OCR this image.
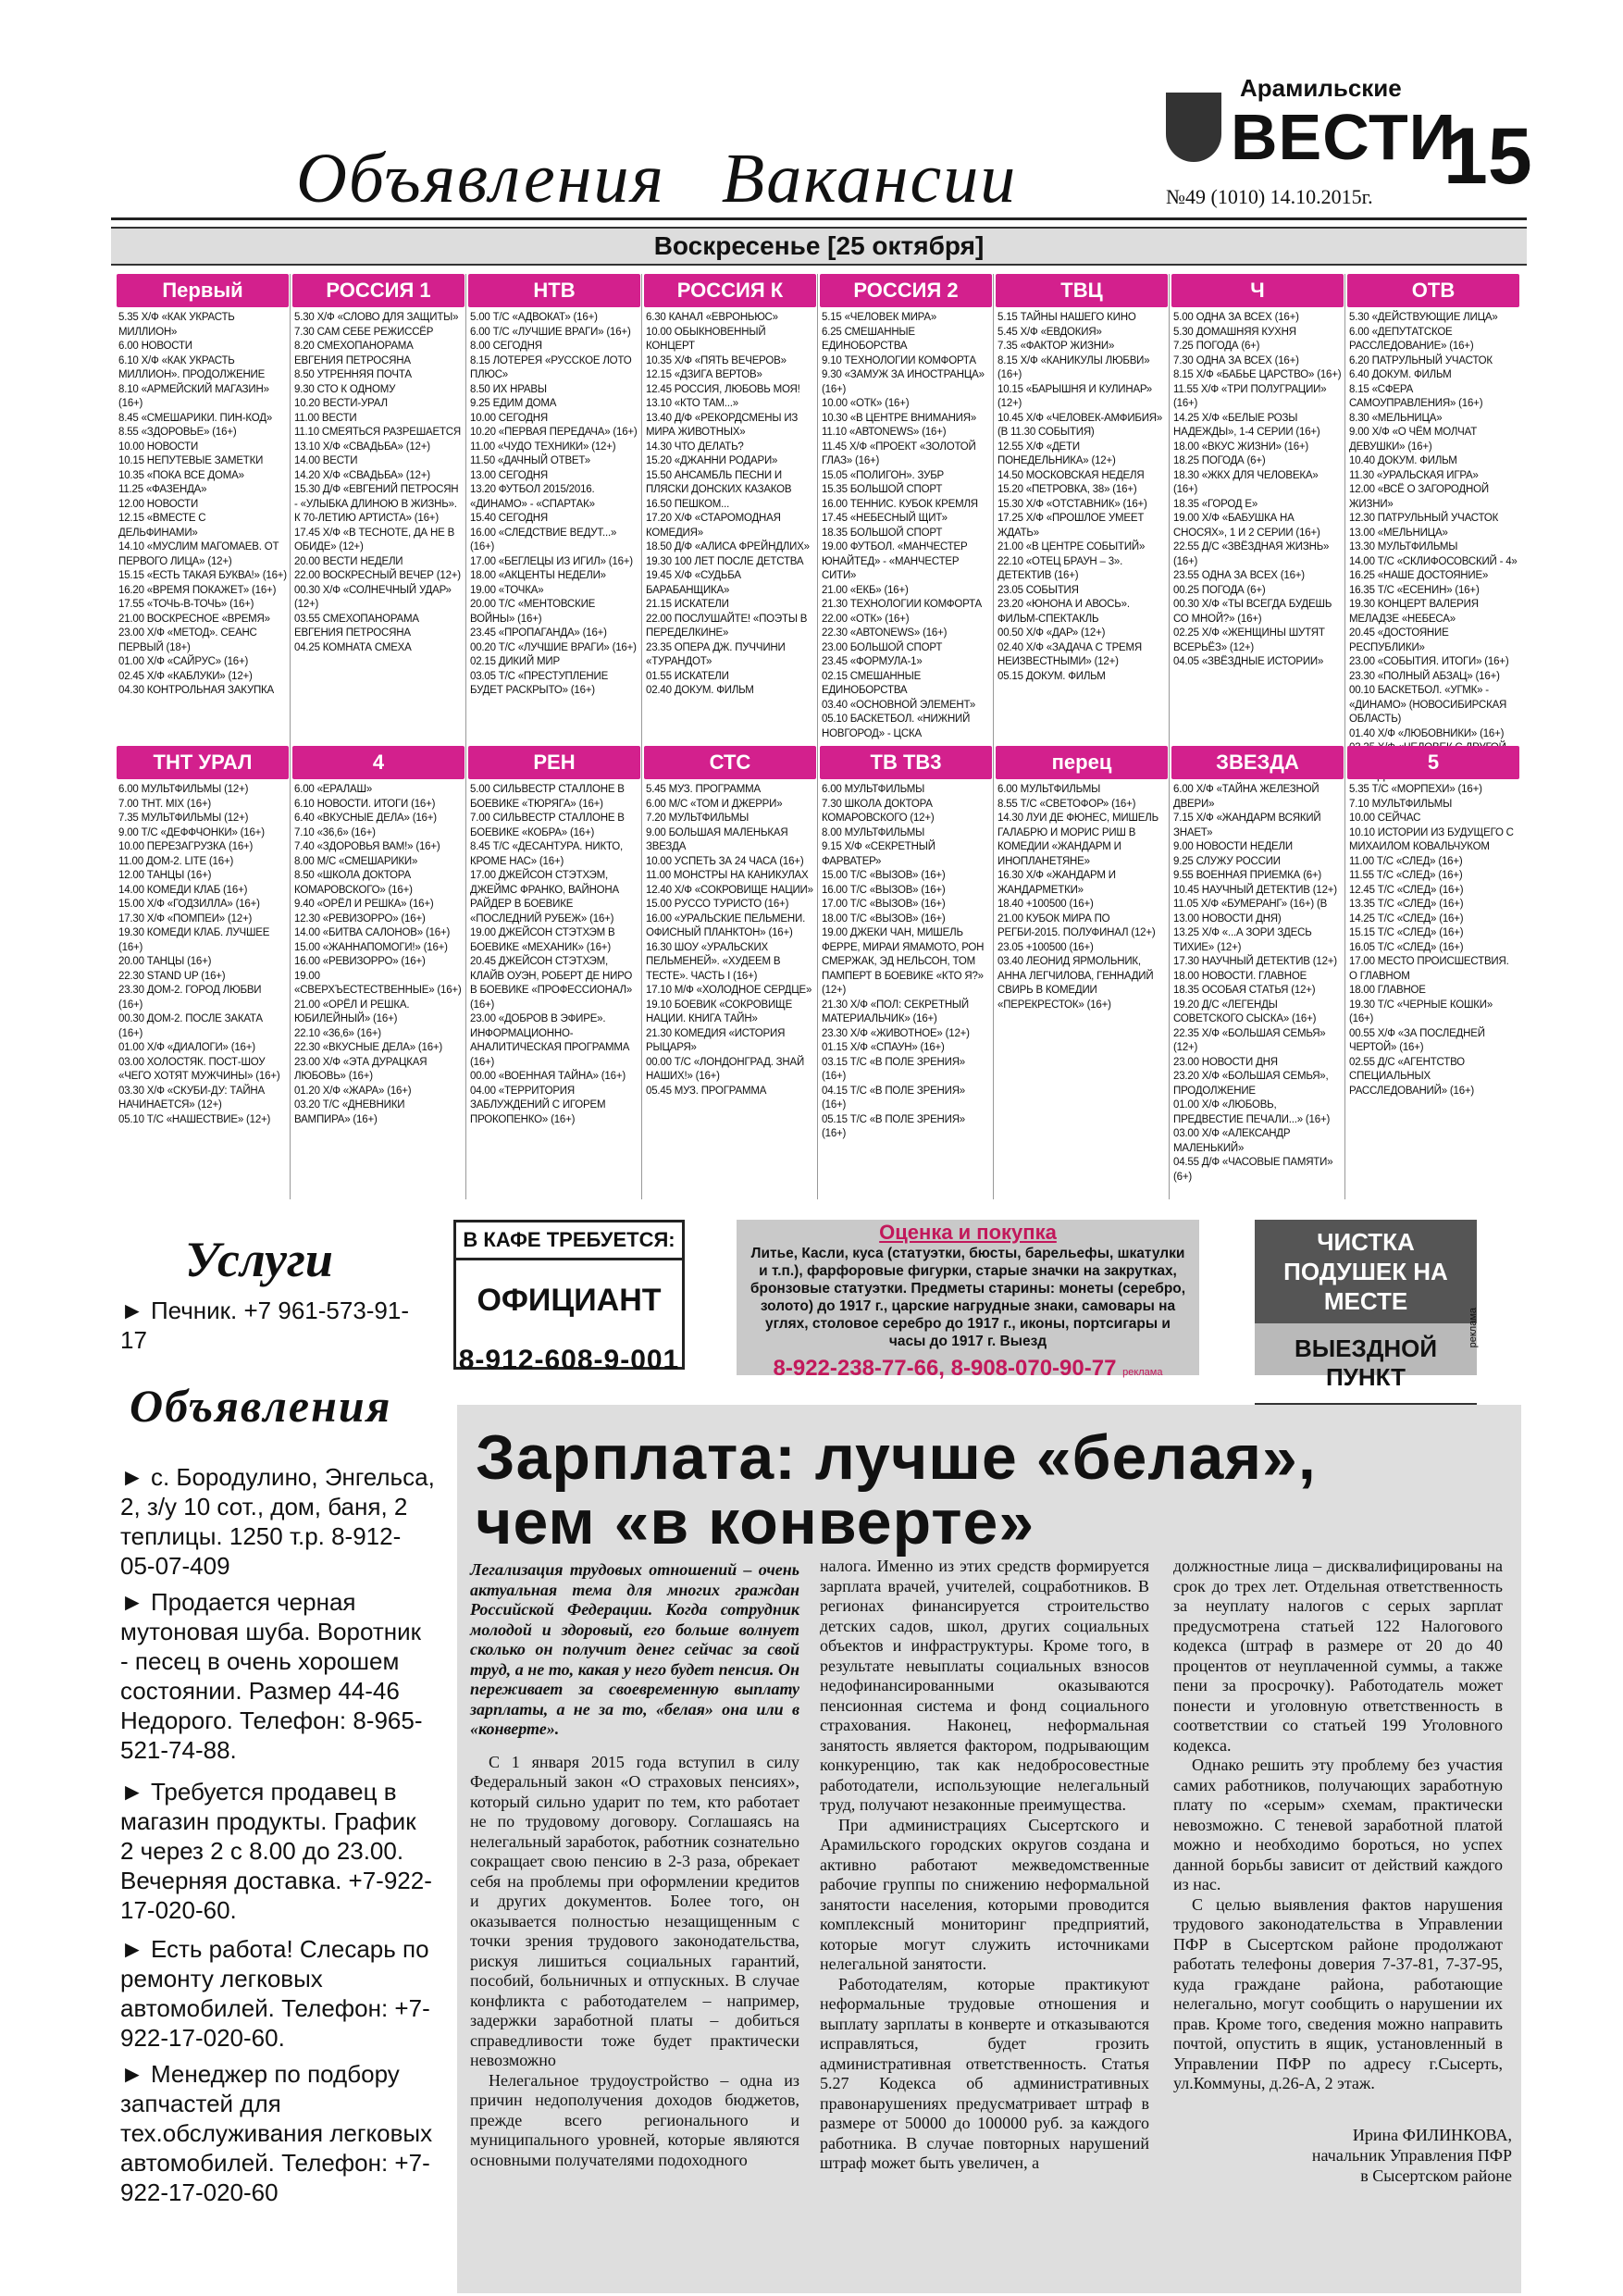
Объявления Вакансии
Арамильские
ВЕСТИ
№49 (1010) 14.10.2015г. 15
Воскресенье [25 октября]
Первый
5.35 Х/Ф «КАК УКРАСТЬ МИЛЛИОН»
6.00 НОВОСТИ
6.10 Х/Ф «КАК УКРАСТЬ МИЛЛИОН». ПРОДОЛЖЕНИЕ
8.10 «АРМЕЙСКИЙ МАГАЗИН» (16+)
8.45 «СМЕШАРИКИ. ПИН-КОД»
8.55 «ЗДОРОВЬЕ» (16+)
10.00 НОВОСТИ
10.15 НЕПУТЕВЫЕ ЗАМЕТКИ
10.35 «ПОКА ВСЕ ДОМА»
11.25 «ФАЗЕНДА»
12.00 НОВОСТИ
12.15 «ВМЕСТЕ С ДЕЛЬФИНАМИ»
14.10 «МУСЛИМ МАГОМАЕВ. ОТ ПЕРВОГО ЛИЦА» (12+)
15.15 «ЕСТЬ ТАКАЯ БУКВА!» (16+)
16.20 «ВРЕМЯ ПОКАЖЕТ» (16+)
17.55 «ТОЧЬ-В-ТОЧЬ» (16+)
21.00 ВОСКРЕСНОЕ «ВРЕМЯ»
23.00 Х/Ф «МЕТОД». СЕАНС ПЕРВЫЙ (18+)
01.00 Х/Ф «САЙРУС» (16+)
02.45 Х/Ф «КАБЛУКИ» (12+)
04.30 КОНТРОЛЬНАЯ ЗАКУПКА
РОССИЯ 1
5.30 Х/Ф «СЛОВО ДЛЯ ЗАЩИТЫ»
7.30 САМ СЕБЕ РЕЖИССЁР
8.20 СМЕХОПАНОРАМА ЕВГЕНИЯ ПЕТРОСЯНА
8.50 УТРЕННЯЯ ПОЧТА
9.30 СТО К ОДНОМУ
10.20 ВЕСТИ-УРАЛ
11.00 ВЕСТИ
11.10 СМЕЯТЬСЯ РАЗРЕШАЕТСЯ
13.10 Х/Ф «СВАДЬБА» (12+)
14.00 ВЕСТИ
14.20 Х/Ф «СВАДЬБА» (12+)
15.30 Д/Ф «ЕВГЕНИЙ ПЕТРОСЯН - «УЛЫБКА ДЛИНОЮ В ЖИЗНЬ». К 70-ЛЕТИЮ АРТИСТА» (16+)
17.45 Х/Ф «В ТЕСНОТЕ, ДА НЕ В ОБИДЕ» (12+)
20.00 ВЕСТИ НЕДЕЛИ
22.00 ВОСКРЕСНЫЙ ВЕЧЕР (12+)
00.30 Х/Ф «СОЛНЕЧНЫЙ УДАР» (12+)
03.55 СМЕХОПАНОРАМА ЕВГЕНИЯ ПЕТРОСЯНА
04.25 КОМНАТА СМЕХА
НТВ
5.00 Т/С «АДВОКАТ» (16+)
6.00 Т/С «ЛУЧШИЕ ВРАГИ» (16+)
8.00 СЕГОДНЯ
8.15 ЛОТЕРЕЯ «РУССКОЕ ЛОТО ПЛЮС»
8.50 ИХ НРАВЫ
9.25 ЕДИМ ДОМА
10.00 СЕГОДНЯ
10.20 «ПЕРВАЯ ПЕРЕДАЧА» (16+)
11.00 «ЧУДО ТЕХНИКИ» (12+)
11.50 «ДАЧНЫЙ ОТВЕТ»
13.00 СЕГОДНЯ
13.20 ФУТБОЛ 2015/2016. «ДИНАМО» - «СПАРТАК»
15.40 СЕГОДНЯ
16.00 «СЛЕДСТВИЕ ВЕДУТ...» (16+)
17.00 «БЕГЛЕЦЫ ИЗ ИГИЛ» (16+)
18.00 «АКЦЕНТЫ НЕДЕЛИ»
19.00 «ТОЧКА»
20.00 Т/С «МЕНТОВСКИЕ ВОЙНЫ» (16+)
23.45 «ПРОПАГАНДА» (16+)
00.20 Т/С «ЛУЧШИЕ ВРАГИ» (16+)
02.15 ДИКИЙ МИР
03.05 Т/С «ПРЕСТУПЛЕНИЕ БУДЕТ РАСКРЫТО» (16+)
РОССИЯ К
6.30 КАНАЛ «ЕВРОНЬЮС»
10.00 ОБЫКНОВЕННЫЙ КОНЦЕРТ
10.35 Х/Ф «ПЯТЬ ВЕЧЕРОВ»
12.15 «ДЗИГА ВЕРТОВ»
12.45 РОССИЯ, ЛЮБОВЬ МОЯ!
13.10 «КТО ТАМ...»
13.40 Д/Ф «РЕКОРДСМЕНЫ ИЗ МИРА ЖИВОТНЫХ»
14.30 ЧТО ДЕЛАТЬ?
15.20 «ДЖАННИ РОДАРИ»
15.50 АНСАМБЛЬ ПЕСНИ И ПЛЯСКИ ДОНСКИХ КАЗАКОВ
16.50 ПЕШКОМ...
17.20 Х/Ф «СТАРОМОДНАЯ КОМЕДИЯ»
18.50 Д/Ф «АЛИСА ФРЕЙНДЛИХ»
19.30 100 ЛЕТ ПОСЛЕ ДЕТСТВА
19.45 Х/Ф «СУДЬБА БАРАБАНЩИКА»
21.15 ИСКАТЕЛИ
22.00 ПОСЛУШАЙТЕ! «ПОЭТЫ В ПЕРЕДЕЛКИНЕ»
23.35 ОПЕРА ДЖ. ПУЧЧИНИ «ТУРАНДОТ»
01.55 ИСКАТЕЛИ
02.40 ДОКУМ. ФИЛЬМ
РОССИЯ 2
5.15 «ЧЕЛОВЕК МИРА»
6.25 СМЕШАННЫЕ ЕДИНОБОРСТВА
9.10 ТЕХНОЛОГИИ КОМФОРТА
9.30 «ЗАМУЖ ЗА ИНОСТРАНЦА» (16+)
10.00 «ОТК» (16+)
10.30 «В ЦЕНТРЕ ВНИМАНИЯ»
11.10 «АВТОNEWS» (16+)
11.45 Х/Ф «ПРОЕКТ «ЗОЛОТОЙ ГЛАЗ» (16+)
15.05 «ПОЛИГОН». ЗУБР
15.35 БОЛЬШОЙ СПОРТ
16.00 ТЕННИС. КУБОК КРЕМЛЯ
17.45 «НЕБЕСНЫЙ ЩИТ»
18.35 БОЛЬШОЙ СПОРТ
19.00 ФУТБОЛ. «МАНЧЕСТЕР ЮНАЙТЕД» - «МАНЧЕСТЕР СИТИ»
21.00 «ЕКБ» (16+)
21.30 ТЕХНОЛОГИИ КОМФОРТА
22.00 «ОТК» (16+)
22.30 «АВТОNEWS» (16+)
23.00 БОЛЬШОЙ СПОРТ
23.45 «ФОРМУЛА-1»
02.15 СМЕШАННЫЕ ЕДИНОБОРСТВА
03.40 «ОСНОВНОЙ ЭЛЕМЕНТ»
05.10 БАСКЕТБОЛ. «НИЖНИЙ НОВГОРОД» - ЦСКА
ТВЦ
5.15 ТАЙНЫ НАШЕГО КИНО
5.45 Х/Ф «ЕВДОКИЯ»
7.35 «ФАКТОР ЖИЗНИ»
8.15 Х/Ф «КАНИКУЛЫ ЛЮБВИ» (16+)
10.15 «БАРЫШНЯ И КУЛИНАР» (12+)
10.45 Х/Ф «ЧЕЛОВЕК-АМФИБИЯ» (В 11.30 СОБЫТИЯ)
12.55 Х/Ф «ДЕТИ ПОНЕДЕЛЬНИКА» (12+)
14.50 МОСКОВСКАЯ НЕДЕЛЯ
15.20 «ПЕТРОВКА, 38» (16+)
15.30 Х/Ф «ОТСТАВНИК» (16+)
17.25 Х/Ф «ПРОШЛОЕ УМЕЕТ ЖДАТЬ»
21.00 «В ЦЕНТРЕ СОБЫТИЙ»
22.10 «ОТЕЦ БРАУН – 3». ДЕТЕКТИВ (16+)
23.05 СОБЫТИЯ
23.20 «ЮНОНА И АВОСЬ». ФИЛЬМ-СПЕКТАКЛЬ
00.50 Х/Ф «ДАР» (12+)
02.40 Х/Ф «ЗАДАЧА С ТРЕМЯ НЕИЗВЕСТНЫМИ» (12+)
05.15 ДОКУМ. ФИЛЬМ
Ч
5.00 ОДНА ЗА ВСЕХ (16+)
5.30 ДОМАШНЯЯ КУХНЯ
7.25 ПОГОДА (6+)
7.30 ОДНА ЗА ВСЕХ (16+)
8.15 Х/Ф «БАБЬЕ ЦАРСТВО» (16+)
11.55 Х/Ф «ТРИ ПОЛУГРАЦИИ» (16+)
14.25 Х/Ф «БЕЛЫЕ РОЗЫ НАДЕЖДЫ», 1-4 СЕРИИ (16+)
18.00 «ВКУС ЖИЗНИ» (16+)
18.25 ПОГОДА (6+)
18.30 «ЖКХ ДЛЯ ЧЕЛОВЕКА» (16+)
18.35 «ГОРОД Е»
19.00 Х/Ф «БАБУШКА НА СНОСЯХ», 1 И 2 СЕРИИ (16+)
22.55 Д/С «ЗВЁЗДНАЯ ЖИЗНЬ» (16+)
23.55 ОДНА ЗА ВСЕХ (16+)
00.25 ПОГОДА (6+)
00.30 Х/Ф «ТЫ ВСЕГДА БУДЕШЬ СО МНОЙ?» (16+)
02.25 Х/Ф «ЖЕНЩИНЫ ШУТЯТ ВСЕРЬЁЗ» (12+)
04.05 «ЗВЁЗДНЫЕ ИСТОРИИ»
ОТВ
5.30 «ДЕЙСТВУЮЩИЕ ЛИЦА»
6.00 «ДЕПУТАТСКОЕ РАССЛЕДОВАНИЕ» (16+)
6.20 ПАТРУЛЬНЫЙ УЧАСТОК
6.40 ДОКУМ. ФИЛЬМ
8.15 «СФЕРА САМОУПРАВЛЕНИЯ» (16+)
8.30 «МЕЛЬНИЦА»
9.00 Х/Ф «О ЧЁМ МОЛЧАТ ДЕВУШКИ» (16+)
10.40 ДОКУМ. ФИЛЬМ
11.30 «УРАЛЬСКАЯ ИГРА»
12.00 «ВСЁ О ЗАГОРОДНОЙ ЖИЗНИ»
12.30 ПАТРУЛЬНЫЙ УЧАСТОК
13.00 «МЕЛЬНИЦА»
13.30 МУЛЬТФИЛЬМЫ
14.00 Т/С «СКЛИФОСОВСКИЙ - 4»
16.25 «НАШЕ ДОСТОЯНИЕ»
16.35 Т/С «ЕСЕНИН» (16+)
19.30 КОНЦЕРТ ВАЛЕРИЯ МЕЛАДЗЕ «НЕБЕСА»
20.45 «ДОСТОЯНИЕ РЕСПУБЛИКИ»
23.00 «СОБЫТИЯ. ИТОГИ» (16+)
23.30 «ПОЛНЫЙ АБЗАЦ» (16+)
00.10 БАСКЕТБОЛ. «УГМК» - «ДИНАМО» (НОВОСИБИРСКАЯ ОБЛАСТЬ)
01.40 Х/Ф «ЛЮБОВНИКИ» (16+)
ТНТ УРАЛ
6.00 МУЛЬТФИЛЬМЫ (12+)
7.00 ТНТ. MIX (16+)
7.35 МУЛЬТФИЛЬМЫ (12+)
9.00 Т/С «ДЕФФЧОНКИ» (16+)
10.00 ПЕРЕЗАГРУЗКА (16+)
11.00 ДОМ-2. LITE (16+)
12.00 ТАНЦЫ (16+)
14.00 КОМЕДИ КЛАБ (16+)
15.00 Х/Ф «ГОДЗИЛЛА» (16+)
17.30 Х/Ф «ПОМПЕИ» (12+)
19.30 КОМЕДИ КЛАБ. ЛУЧШЕЕ (16+)
20.00 ТАНЦЫ (16+)
22.30 STAND UP (16+)
23.30 ДОМ-2. ГОРОД ЛЮБВИ (16+)
00.30 ДОМ-2. ПОСЛЕ ЗАКАТА (16+)
01.00 Х/Ф «ДИАЛОГИ» (16+)
03.00 ХОЛОСТЯК. ПОСТ-ШОУ «ЧЕГО ХОТЯТ МУЖЧИНЫ» (16+)
03.30 Х/Ф «СКУБИ-ДУ: ТАЙНА НАЧИНАЕТСЯ» (12+)
05.10 Т/С «НАШЕСТВИЕ» (12+)
4
6.00 «ЕРАЛАШ»
6.10 НОВОСТИ. ИТОГИ (16+)
6.40 «ВКУСНЫЕ ДЕЛА» (16+)
7.10 «36,6» (16+)
7.40 «ЗДОРОВЬЯ ВАМ!» (16+)
8.00 М/С «СМЕШАРИКИ»
8.50 «ШКОЛА ДОКТОРА КОМАРОВСКОГО» (16+)
9.40 «ОРЁЛ И РЕШКА» (16+)
12.30 «РЕВИЗОРРО» (16+)
14.00 «БИТВА САЛОНОВ» (16+)
15.00 «ЖАННАПОМОГИ!» (16+)
16.00 «РЕВИЗОРРО» (16+)
19.00 «СВЕРХЪЕСТЕСТВЕННЫЕ» (16+)
21.00 «ОРЁЛ И РЕШКА. ЮБИЛЕЙНЫЙ» (16+)
22.10 «36,6» (16+)
22.30 «ВКУСНЫЕ ДЕЛА» (16+)
23.00 Х/Ф «ЭТА ДУРАЦКАЯ ЛЮБОВЬ» (16+)
01.20 Х/Ф «ЖАРА» (16+)
03.20 Т/С «ДНЕВНИКИ ВАМПИРА» (16+)
РЕН
5.00 СИЛЬВЕСТР СТАЛЛОНЕ В БОЕВИКЕ «ТЮРЯГА» (16+)
7.00 СИЛЬВЕСТР СТАЛЛОНЕ В БОЕВИКЕ «КОБРА» (16+)
8.45 Т/С «ДЕСАНТУРА. НИКТО, КРОМЕ НАС» (16+)
17.00 ДЖЕЙСОН СТЭТХЭМ, ДЖЕЙМС ФРАНКО, ВАЙНОНА РАЙДЕР В БОЕВИКЕ «ПОСЛЕДНИЙ РУБЕЖ» (16+)
19.00 ДЖЕЙСОН СТЭТХЭМ В БОЕВИКЕ «МЕХАНИК» (16+)
20.45 ДЖЕЙСОН СТЭТХЭМ, КЛАЙВ ОУЭН, РОБЕРТ ДЕ НИРО В БОЕВИКЕ «ПРОФЕССИОНАЛ» (16+)
23.00 «ДОБРОВ В ЭФИРЕ». ИНФОРМАЦИОННО-АНАЛИТИЧЕСКАЯ ПРОГРАММА (16+)
00.00 «ВОЕННАЯ ТАЙНА» (16+)
04.00 «ТЕРРИТОРИЯ ЗАБЛУЖДЕНИЙ С ИГОРЕМ ПРОКОПЕНКО» (16+)
СТС
5.45 МУЗ. ПРОГРАММА
6.00 М/С «ТОМ И ДЖЕРРИ»
7.20 МУЛЬТФИЛЬМЫ
9.00 БОЛЬШАЯ МАЛЕНЬКАЯ ЗВЕЗДА
10.00 УСПЕТЬ ЗА 24 ЧАСА (16+)
11.00 МОНСТРЫ НА КАНИКУЛАХ
12.40 Х/Ф «СОКРОВИЩЕ НАЦИИ»
15.00 РУССО ТУРИСТО (16+)
16.00 «УРАЛЬСКИЕ ПЕЛЬМЕНИ. ОФИСНЫЙ ПЛАНКТОН» (16+)
16.30 ШОУ «УРАЛЬСКИХ ПЕЛЬМЕНЕЙ». «ХУДЕЕМ В ТЕСТЕ». ЧАСТЬ I (16+)
17.10 М/Ф «ХОЛОДНОЕ СЕРДЦЕ»
19.10 БОЕВИК «СОКРОВИЩЕ НАЦИИ. КНИГА ТАЙН»
21.30 КОМЕДИЯ «ИСТОРИЯ РЫЦАРЯ»
00.00 Т/С «ЛОНДОНГРАД. ЗНАЙ НАШИХ!» (16+)
05.45 МУЗ. ПРОГРАММА
ТВ ТВ3
6.00 МУЛЬТФИЛЬМЫ
7.30 ШКОЛА ДОКТОРА КОМАРОВСКОГО (12+)
8.00 МУЛЬТФИЛЬМЫ
9.15 Х/Ф «СЕКРЕТНЫЙ ФАРВАТЕР»
15.00 Т/С «ВЫЗОВ» (16+)
16.00 Т/С «ВЫЗОВ» (16+)
17.00 Т/С «ВЫЗОВ» (16+)
18.00 Т/С «ВЫЗОВ» (16+)
19.00 ДЖЕКИ ЧАН, МИШЕЛЬ ФЕРРЕ, МИРАИ ЯМАМОТО, РОН СМЕРЖАК, ЭД НЕЛЬСОН, ТОМ ПАМПЕРТ В БОЕВИКЕ «КТО Я?» (12+)
21.30 Х/Ф «ПОЛ: СЕКРЕТНЫЙ МАТЕРИАЛЬЧИК» (16+)
23.30 Х/Ф «ЖИВОТНОЕ» (12+)
01.15 Х/Ф «СПАУН» (16+)
03.15 Т/С «В ПОЛЕ ЗРЕНИЯ» (16+)
04.15 Т/С «В ПОЛЕ ЗРЕНИЯ» (16+)
05.15 Т/С «В ПОЛЕ ЗРЕНИЯ» (16+)
перец
6.00 МУЛЬТФИЛЬМЫ
8.55 Т/С «СВЕТОФОР» (16+)
14.30 ЛУИ ДЕ ФЮНЕС, МИШЕЛЬ ГАЛАБРЮ И МОРИС РИШ В КОМЕДИИ «ЖАНДАРМ И ИНОПЛАНЕТЯНЕ»
16.30 Х/Ф «ЖАНДАРМ И ЖАНДАРМЕТКИ»
18.40 +100500 (16+)
21.00 КУБОК МИРА ПО РЕГБИ-2015. ПОЛУФИНАЛ (12+)
23.05 +100500 (16+)
03.40 ЛЕОНИД ЯРМОЛЬНИК, АННА ЛЕГЧИЛОВА, ГЕННАДИЙ СВИРЬ В КОМЕДИИ «ПЕРЕКРЕСТОК» (16+)
ЗВЕЗДА
6.00 Х/Ф «ТАЙНА ЖЕЛЕЗНОЙ ДВЕРИ»
7.15 Х/Ф «ЖАНДАРМ ВСЯКИЙ ЗНАЕТ»
9.00 НОВОСТИ НЕДЕЛИ
9.25 СЛУЖУ РОССИИ
9.55 ВОЕННАЯ ПРИЕМКА (6+)
10.45 НАУЧНЫЙ ДЕТЕКТИВ (12+)
11.05 Х/Ф «БУМЕРАНГ» (16+) (В 13.00 НОВОСТИ ДНЯ)
13.25 Х/Ф «...А ЗОРИ ЗДЕСЬ ТИХИЕ» (12+)
17.30 НАУЧНЫЙ ДЕТЕКТИВ (12+)
18.00 НОВОСТИ. ГЛАВНОЕ
18.35 ОСОБАЯ СТАТЬЯ (12+)
19.20 Д/С «ЛЕГЕНДЫ СОВЕТСКОГО СЫСКА» (16+)
22.35 Х/Ф «БОЛЬШАЯ СЕМЬЯ» (12+)
23.00 НОВОСТИ ДНЯ
23.20 Х/Ф «БОЛЬШАЯ СЕМЬЯ», ПРОДОЛЖЕНИЕ
01.00 Х/Ф «ЛЮБОВЬ, ПРЕДВЕСТИЕ ПЕЧАЛИ...» (16+)
03.00 Х/Ф «АЛЕКСАНДР МАЛЕНЬКИЙ»
04.55 Д/Ф «ЧАСОВЫЕ ПАМЯТИ» (6+)
5
5.35 Т/С «МОРПЕХИ» (16+)
7.10 МУЛЬТФИЛЬМЫ
10.00 СЕЙЧАС
10.10 ИСТОРИИ ИЗ БУДУЩЕГО С МИХАИЛОМ КОВАЛЬЧУКОМ
11.00 Т/С «СЛЕД» (16+)
11.55 Т/С «СЛЕД» (16+)
12.45 Т/С «СЛЕД» (16+)
13.35 Т/С «СЛЕД» (16+)
14.25 Т/С «СЛЕД» (16+)
15.15 Т/С «СЛЕД» (16+)
16.05 Т/С «СЛЕД» (16+)
17.00 МЕСТО ПРОИСШЕСТВИЯ. О ГЛАВНОМ
18.00 ГЛАВНОЕ
19.30 Т/С «ЧЕРНЫЕ КОШКИ» (16+)
00.55 Х/Ф «ЗА ПОСЛЕДНЕЙ ЧЕРТОЙ» (16+)
02.55 Д/С «АГЕНТСТВО СПЕЦИАЛЬНЫХ РАССЛЕДОВАНИЙ» (16+)
Услуги
► Печник. +7 961-573-91-17
Объявления
► с. Бородулино, Энгельса, 2, з/у 10 сот., дом, баня, 2 теплицы. 1250 т.р. 8-912-05-07-409
► Продается черная мутоновая шуба. Воротник - песец в очень хорошем состоянии. Размер 44-46 Недорого. Телефон: 8-965-521-74-88.
► Требуется продавец в магазин продукты. График 2 через 2 с 8.00 до 23.00. Вечерняя доставка. +7-922-17-020-60.
► Есть работа! Слесарь по ремонту легковых автомобилей. Телефон: +7-922-17-020-60.
► Менеджер по подбору запчастей для тех.обслуживания легковых автомобилей. Телефон: +7-922-17-020-60
В КАФЕ ТРЕБУЕТСЯ:
ОФИЦИАНТ
8-912-608-9-001
Оценка и покупка
Литье, Касли, куса (статуэтки, бюсты, барельефы, шкатулки и т.п.), фарфоровые фигурки, старые значки на закрутках, бронзовые статуэтки. Предметы старины: монеты (серебро, золото) до 1917 г., царские нагрудные знаки, самовары на углях, столовое серебро до 1917 г., иконы, портсигары и часы до 1917 г. Выезд
8-922-238-77-66, 8-908-070-90-77 реклама
ЧИСТКА ПОДУШЕК НА МЕСТЕ
ВЫЕЗДНОЙ ПУНКТ
реклама
Зарплата: лучше «белая», чем «в конверте»

Легализация трудовых отношений – очень актуальная тема для многих граждан Российской Федерации. Когда сотрудник молодой и здоровый, его больше волнует сколько он получит денег сейчас за свой труд, а не то, какая у него будет пенсия. Он переживает за своевременную выплату зарплаты, а не за то, «белая» она или в «конверте».

С 1 января 2015 года вступил в силу Федеральный закон «О страховых пенсиях», который сильно ударит по тем, кто работает не по трудовому договору. Соглашаясь на нелегальный заработок, работник сознательно сокращает свою пенсию в 2-3 раза, обрекает себя на проблемы при оформлении кредитов и других документов. Более того, он оказывается полностью незащищенным с точки зрения трудового законодательства, рискуя лишиться социальных гарантий, пособий, больничных и отпускных. В случае конфликта с работодателем – например, задержки заработной платы – добиться справедливости тоже будет практически невозможно

Нелегальное трудоустройство – одна из причин недополучения доходов бюджетов, прежде всего регионального и муниципального уровней, которые являются основными получателями подоходного

налога. Именно из этих средств формируется зарплата врачей, учителей, соцработников. В регионах финансируется строительство детских садов, школ, других социальных объектов и инфраструктуры. Кроме того, в результате невыплаты социальных взносов недофинансированными оказываются пенсионная система и фонд социального страхования. Наконец, неформальная занятость является фактором, подрывающим конкуренцию, так как недобросовестные работодатели, использующие нелегальный труд, получают незаконные преимущества.

При администрациях Сысертского и Арамильского городских округов создана и активно работают межведомственные рабочие группы по снижению неформальной занятости населения, которыми проводится комплексный мониторинг предприятий, которые могут служить источниками нелегальной занятости.

Работодателям, которые практикуют неформальные трудовые отношения и выплату зарплаты в конверте и отказываются исправляться, будет грозить административная ответственность. Статья 5.27 Кодекса об административных правонарушениях предусматривает штраф в размере от 50000 до 100000 руб. за каждого работника. В случае повторных нарушений штраф может быть увеличен, а

должностные лица – дисквалифицированы на срок до трех лет. Отдельная ответственность за неуплату налогов с серых зарплат предусмотрена статьей 122 Налогового кодекса (штраф в размере от 20 до 40 процентов от неуплаченной суммы, а также пени за просрочку). Работодатель может понести и уголовную ответственность в соответствии со статьей 199 Уголовного кодекса.

Однако решить эту проблему без участия самих работников, получающих заработную плату по «серым» схемам, практически невозможно. С теневой заработной платой можно и необходимо бороться, но успех данной борьбы зависит от действий каждого из нас.

С целью выявления фактов нарушения трудового законодательства в Управлении ПФР в Сысертском районе продолжают работать телефоны доверия 7-37-81, 7-37-95, куда граждане района, работающие нелегально, могут сообщить о нарушении их прав. Кроме того, сведения можно направить почтой, опустить в ящик, установленный в Управлении ПФР по адресу г.Сысерть, ул.Коммуны, д.26-А, 2 этаж.

Ирина ФИЛИНКОВА,
начальник Управления ПФР
в Сысертском районе
